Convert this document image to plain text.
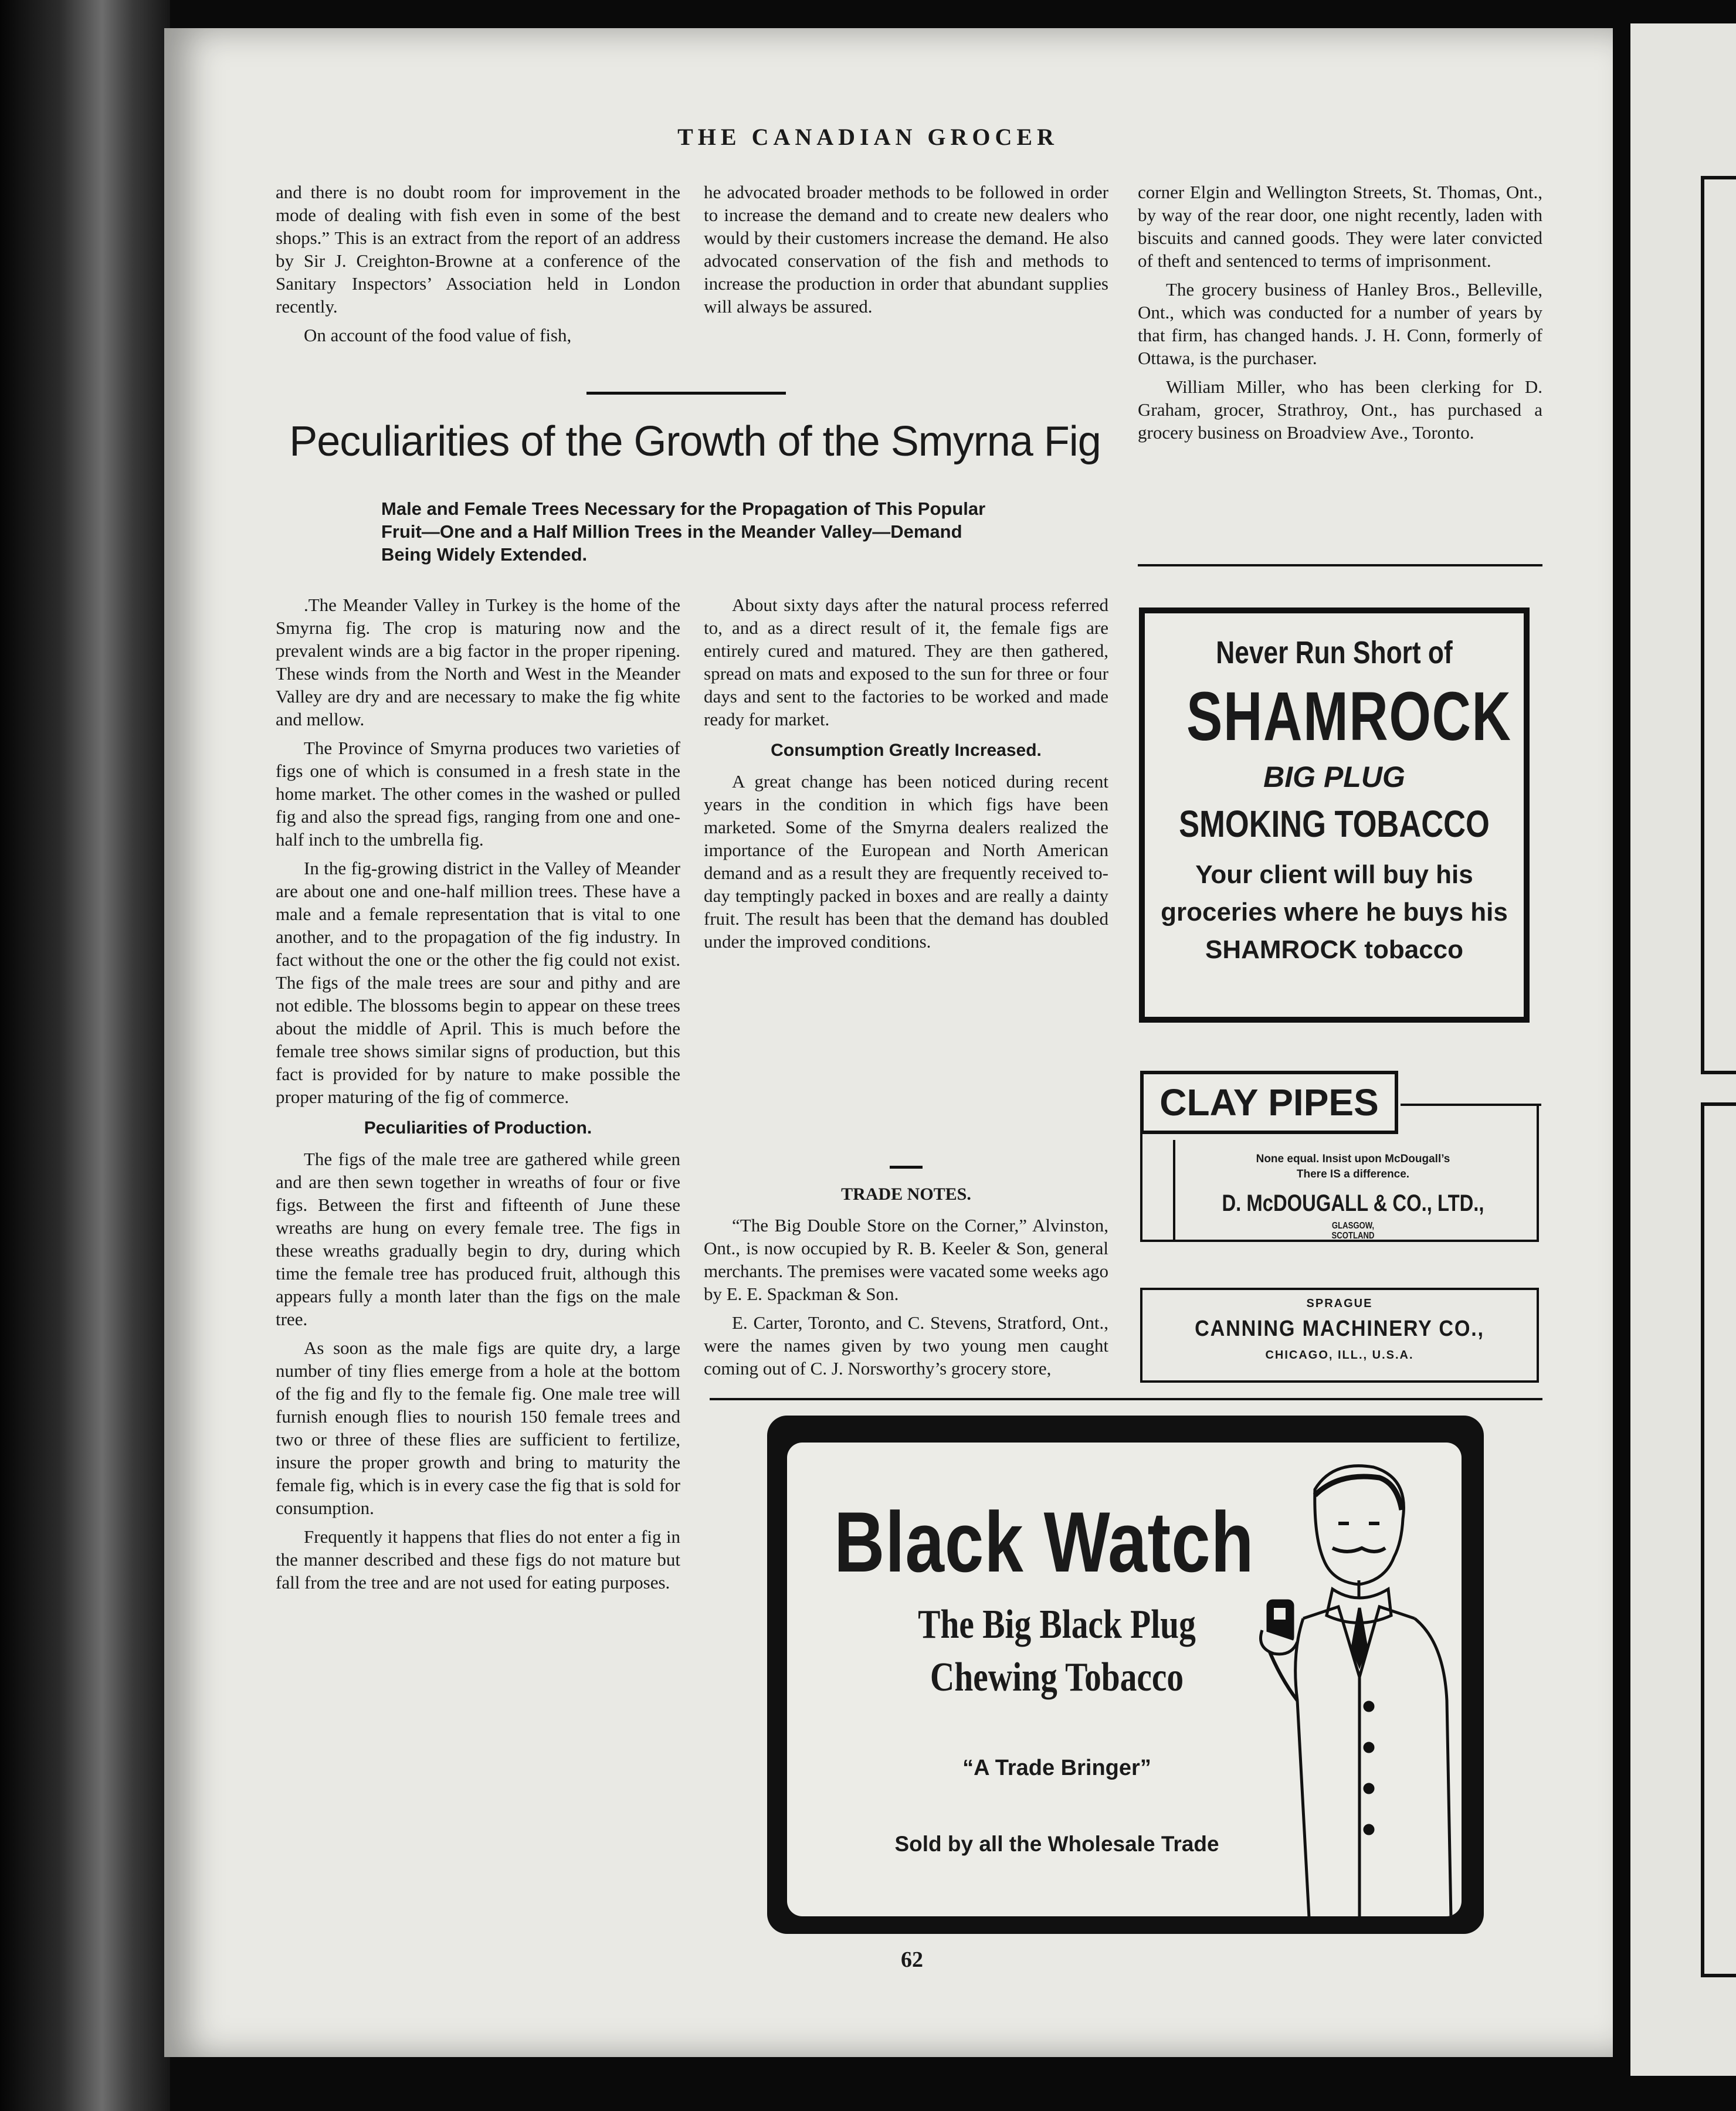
THE CANADIAN GROCER

and there is no doubt room for improvement in the mode of dealing with fish even in some of the best shops.” This is an extract from the report of an address by Sir J. Creighton-Browne at a conference of the Sanitary Inspectors’ Association held in London recently.

On account of the food value of fish,

he advocated broader methods to be followed in order to increase the demand and to create new dealers who would by their customers increase the demand. He also advocated conservation of the fish and methods to increase the production in order that abundant supplies will always be assured.

corner Elgin and Wellington Streets, St. Thomas, Ont., by way of the rear door, one night recently, laden with biscuits and canned goods. They were later convicted of theft and sentenced to terms of imprisonment.

The grocery business of Hanley Bros., Belleville, Ont., which was conducted for a number of years by that firm, has changed hands. J. H. Conn, formerly of Ottawa, is the purchaser.

William Miller, who has been clerking for D. Graham, grocer, Strathroy, Ont., has purchased a grocery business on Broadview Ave., Toronto.

Peculiarities of the Growth of the Smyrna Fig
Male and Female Trees Necessary for the Propagation of This Popular Fruit—One and a Half Million Trees in the Meander Valley—Demand Being Widely Extended.

.The Meander Valley in Turkey is the home of the Smyrna fig. The crop is maturing now and the prevalent winds are a big factor in the proper ripening. These winds from the North and West in the Meander Valley are dry and are necessary to make the fig white and mellow.

The Province of Smyrna produces two varieties of figs one of which is consumed in a fresh state in the home market. The other comes in the washed or pulled fig and also the spread figs, ranging from one and one-half inch to the umbrella fig.

In the fig-growing district in the Valley of Meander are about one and one-half million trees. These have a male and a female representation that is vital to one another, and to the propagation of the fig industry. In fact without the one or the other the fig could not exist. The figs of the male trees are sour and pithy and are not edible. The blossoms begin to appear on these trees about the middle of April. This is much before the female tree shows similar signs of production, but this fact is provided for by nature to make possible the proper maturing of the fig of commerce.

Peculiarities of Production.

The figs of the male tree are gathered while green and are then sewn together in wreaths of four or five figs. Between the first and fifteenth of June these wreaths are hung on every female tree. The figs in these wreaths gradually begin to dry, during which time the female tree has produced fruit, although this appears fully a month later than the figs on the male tree.

As soon as the male figs are quite dry, a large number of tiny flies emerge from a hole at the bottom of the fig and fly to the female fig. One male tree will furnish enough flies to nourish 150 female trees and two or three of these flies are sufficient to fertilize, insure the proper growth and bring to maturity the female fig, which is in every case the fig that is sold for consumption.

Frequently it happens that flies do not enter a fig in the manner described and these figs do not mature but fall from the tree and are not used for eating purposes.

About sixty days after the natural process referred to, and as a direct result of it, the female figs are entirely cured and matured. They are then gathered, spread on mats and exposed to the sun for three or four days and sent to the factories to be worked and made ready for market.

Consumption Greatly Increased.

A great change has been noticed during recent years in the condition in which figs have been marketed. Some of the Smyrna dealers realized the importance of the European and North American demand and as a result they are frequently received to-day temptingly packed in boxes and are really a dainty fruit. The result has been that the demand has doubled under the improved conditions.

TRADE NOTES.

“The Big Double Store on the Corner,” Alvinston, Ont., is now occupied by R. B. Keeler & Son, general merchants. The premises were vacated some weeks ago by E. E. Spackman & Son.

E. Carter, Toronto, and C. Stevens, Stratford, Ont., were the names given by two young men caught coming out of C. J. Norsworthy’s grocery store,

Never Run Short of
SHAMROCK
BIG PLUG
SMOKING TOBACCO
Your client will buy his groceries where he buys his SHAMROCK tobacco
CLAY PIPES
None equal. Insist upon McDougall’s
There IS a difference.
D. McDOUGALL & CO., LTD., GLASGOW,
SCOTLAND
SPRAGUE
CANNING MACHINERY CO.,
CHICAGO, ILL., U.S.A.
Black Watch
The Big Black Plug
Chewing Tobacco
“A Trade Bringer”
Sold by all the Wholesale Trade
62
